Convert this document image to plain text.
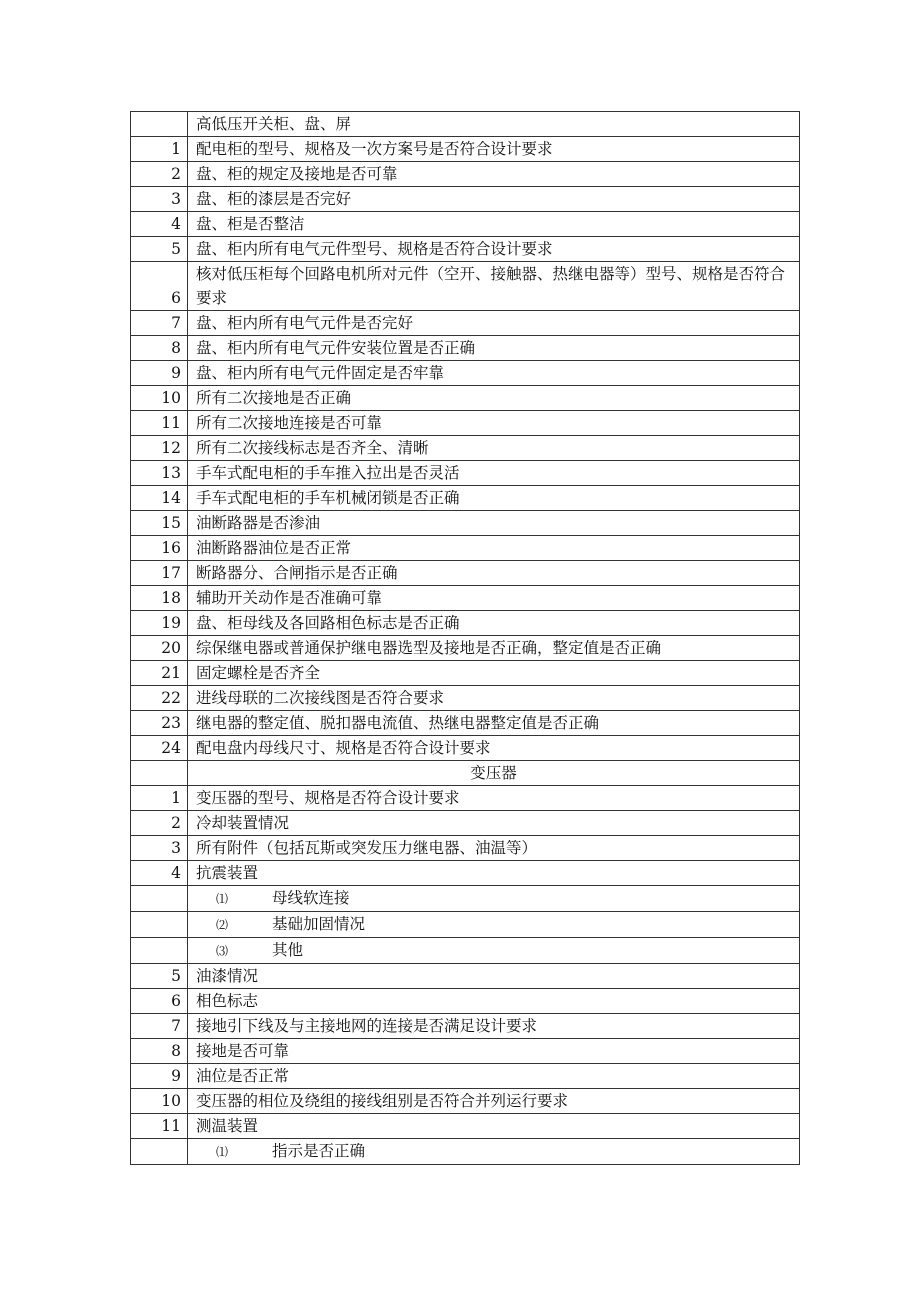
	高低压开关柜、盘、屏
1	配电柜的型号、规格及一次方案号是否符合设计要求
2	盘、柜的规定及接地是否可靠
3	盘、柜的漆层是否完好
4	盘、柜是否整洁
5	盘、柜内所有电气元件型号、规格是否符合设计要求
6	核对低压柜每个回路电机所对元件（空开、接触器、热继电器等）型号、规格是否符合要求
7	盘、柜内所有电气元件是否完好
8	盘、柜内所有电气元件安装位置是否正确
9	盘、柜内所有电气元件固定是否牢靠
10	所有二次接地是否正确
11	所有二次接地连接是否可靠
12	所有二次接线标志是否齐全、清晰
13	手车式配电柜的手车推入拉出是否灵活
14	手车式配电柜的手车机械闭锁是否正确
15	油断路器是否渗油
16	油断路器油位是否正常
17	断路器分、合闸指示是否正确
18	辅助开关动作是否准确可靠
19	盘、柜母线及各回路相色标志是否正确
20	综保继电器或普通保护继电器选型及接地是否正确，整定值是否正确
21	固定螺栓是否齐全
22	进线母联的二次接线图是否符合要求
23	继电器的整定值、脱扣器电流值、热继电器整定值是否正确
24	配电盘内母线尺寸、规格是否符合设计要求
	变压器
1	变压器的型号、规格是否符合设计要求
2	冷却装置情况
3	所有附件（包括瓦斯或突发压力继电器、油温等）
4	抗震装置
	⑴ 母线软连接
	⑵ 基础加固情况
	⑶ 其他
5	油漆情况
6	相色标志
7	接地引下线及与主接地网的连接是否满足设计要求
8	接地是否可靠
9	油位是否正常
10	变压器的相位及绕组的接线组别是否符合并列运行要求
11	测温装置
	⑴ 指示是否正确
